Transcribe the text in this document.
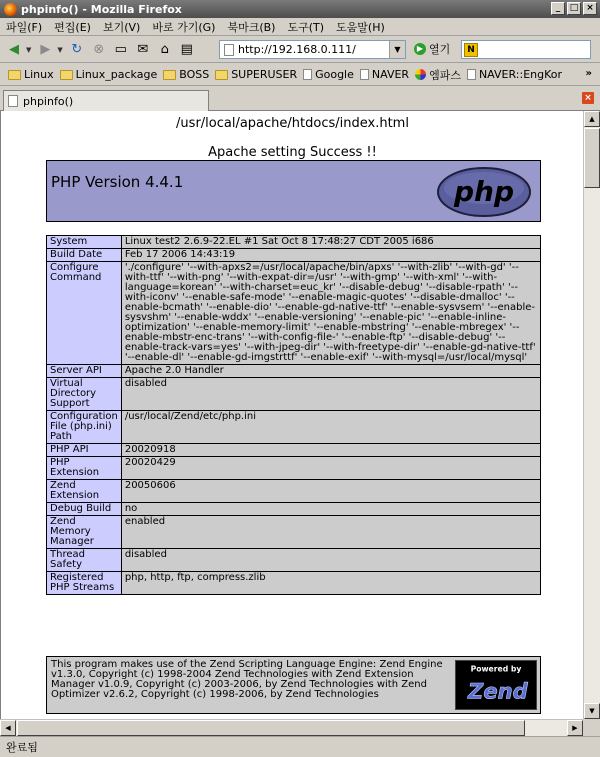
phpinfo() - Mozilla Firefox	_	□ ×
파일(F) 편집(E) 보기(V) 바로 가기(G) 북마크(B) 도구(T) 도움말(H)
◀	▼ ▶	▼ ↻ ⊗ ▭ ✉ ⌂ ▤
http://192.168.0.111/	▼	▶ 열기	N
Linux Linux_package BOSS SUPERUSER Google NAVER 엠파스 NAVER::EngKor »
phpinfo()	×
/usr/local/apache/htdocs/index.html
Apache setting Success !!
PHP Version 4.4.1	php
System	Linux test2 2.6.9-22.EL #1 Sat Oct 8 17:48:27 CDT 2005 i686
Build Date	Feb 17 2006 14:43:19
Configure Command	'./configure' '--with-apxs2=/usr/local/apache/bin/apxs' '--with-zlib' '--with-gd' '--with-ttf' '--with-png' '--with-expat-dir=/usr' '--with-gmp' '--with-xml' '--with-language=korean' '--with-charset=euc_kr' '--disable-debug' '--disable-rpath' '--with-iconv' '--enable-safe-mode' '--enable-magic-quotes' '--disable-dmalloc' '--enable-bcmath' '--enable-dio' '--enable-gd-native-ttf' '--enable-sysvsem' '--enable-sysvshm' '--enable-wddx' '--enable-versioning' '--enable-pic' '--enable-inline-optimization' '--enable-memory-limit' '--enable-mbstring' '--enable-mbregex' '--enable-mbstr-enc-trans' '--with-config-file-' '--enable-ftp' '--disable-debug' '--enable-track-vars=yes' '--with-jpeg-dir' '--with-freetype-dir' '--enable-gd-native-ttf' '--enable-dl' '--enable-gd-imgstrttf' '--enable-exif' '--with-mysql=/usr/local/mysql'
Server API	Apache 2.0 Handler
Virtual Directory Support	disabled
Configuration File (php.ini) Path	/usr/local/Zend/etc/php.ini
PHP API	20020918
PHP Extension	20020429
Zend Extension	20050606
Debug Build	no
Zend Memory Manager	enabled
Thread Safety	disabled
Registered PHP Streams	php, http, ftp, compress.zlib
This program makes use of the Zend Scripting Language Engine: Zend Engine v1.3.0, Copyright (c) 1998-2004 Zend Technologies with Zend Extension Manager v1.0.9, Copyright (c) 2003-2006, by Zend Technologies with Zend Optimizer v2.6.2, Copyright (c) 1998-2006, by Zend Technologies
Powered by
Zend
▲
▼
◀	▶
완료됨
